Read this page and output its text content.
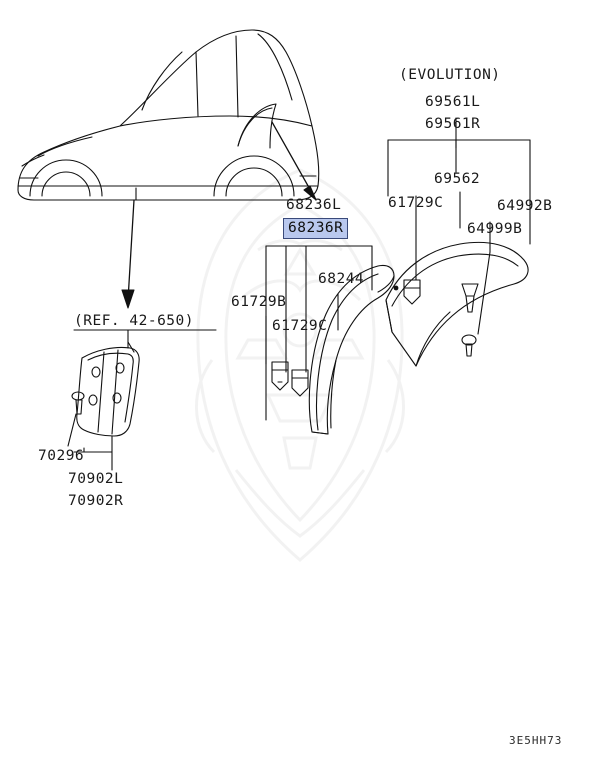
(EVOLUTION)
69561L
69561R
69562
61729C	64992B
64999B
68236L
68236R
68244
61729B
61729C
(REF. 42-650)
70296
70902L
70902R
3E5HH73
